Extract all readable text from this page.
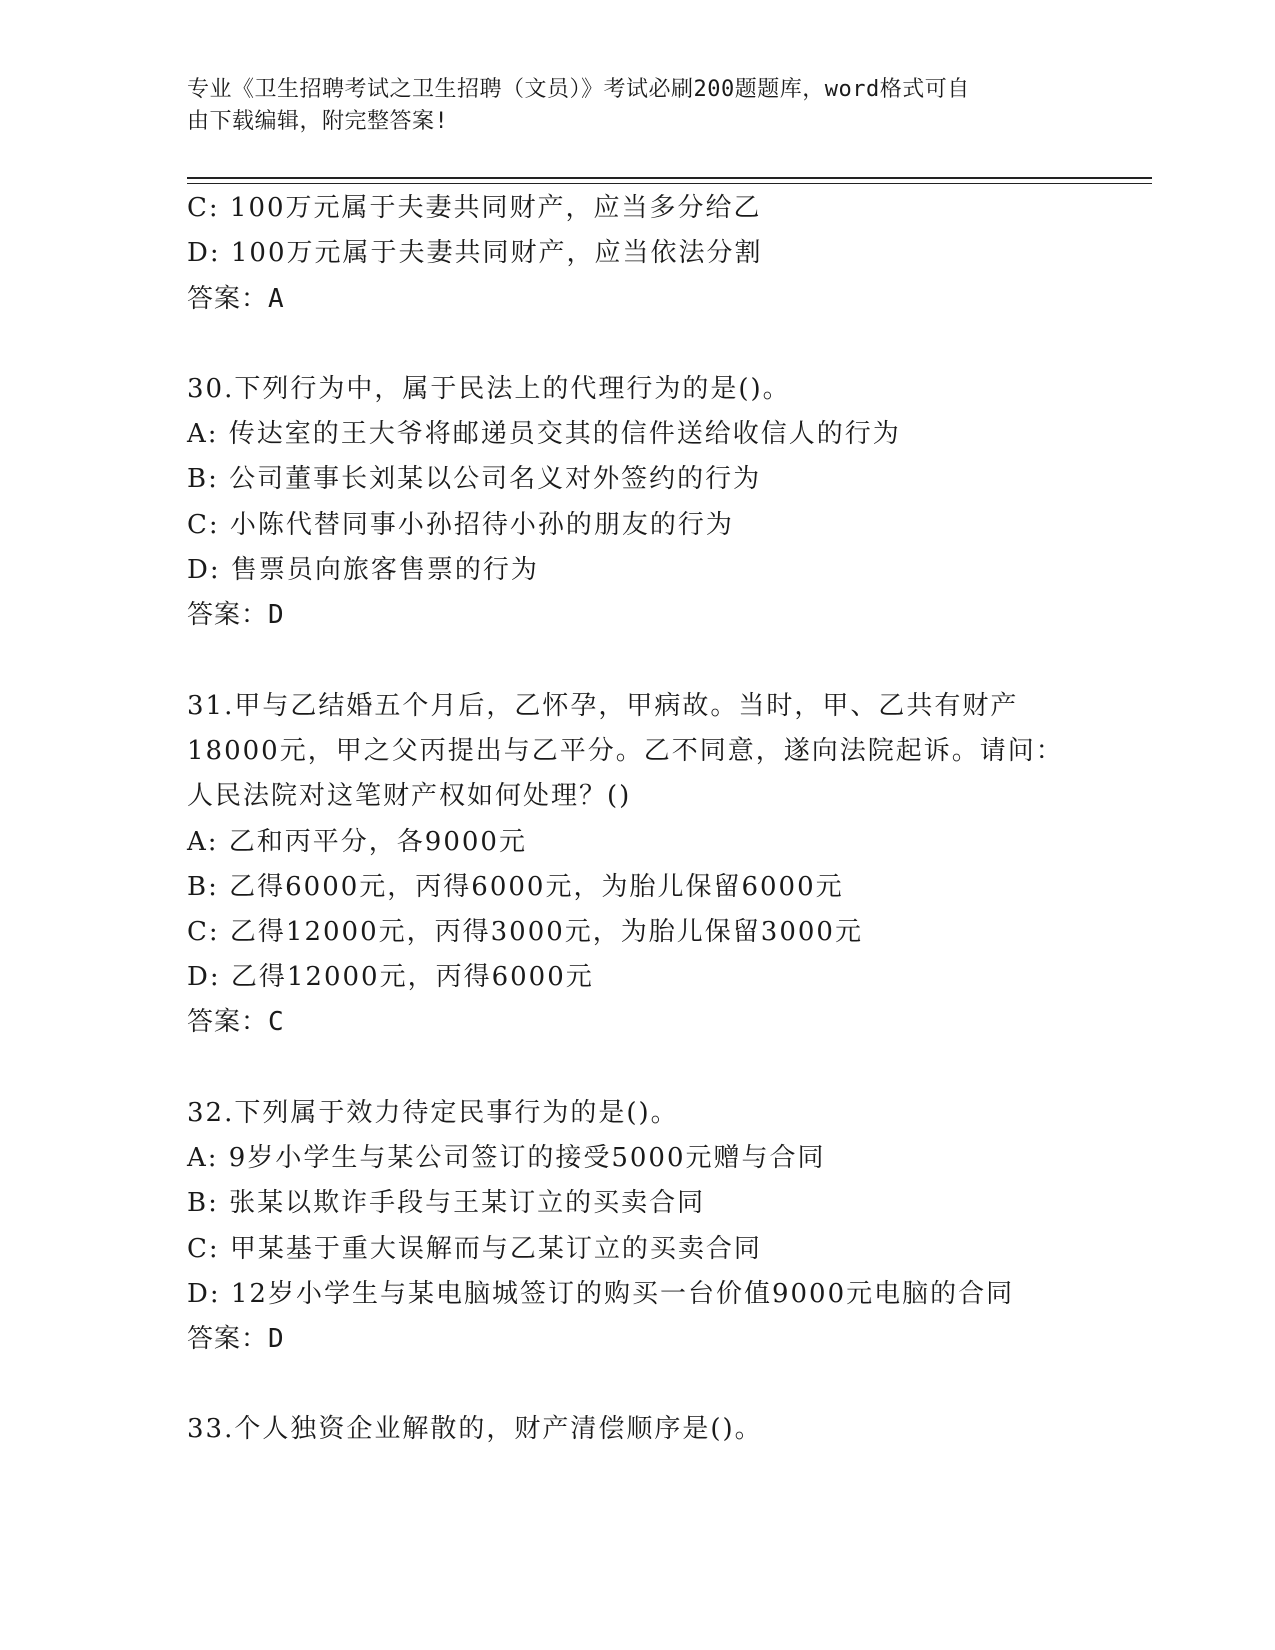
专业《卫生招聘考试之卫生招聘（文员）》考试必刷200题题库，word格式可自
由下载编辑，附完整答案!
C: 100万元属于夫妻共同财产，应当多分给乙
D: 100万元属于夫妻共同财产，应当依法分割
答案：A
30.下列行为中，属于民法上的代理行为的是()。
A: 传达室的王大爷将邮递员交其的信件送给收信人的行为
B: 公司董事长刘某以公司名义对外签约的行为
C: 小陈代替同事小孙招待小孙的朋友的行为
D: 售票员向旅客售票的行为
答案：D
31.甲与乙结婚五个月后，乙怀孕，甲病故。当时，甲、乙共有财产
18000元，甲之父丙提出与乙平分。乙不同意，遂向法院起诉。请问：
人民法院对这笔财产权如何处理？()
A: 乙和丙平分，各9000元
B: 乙得6000元，丙得6000元，为胎儿保留6000元
C: 乙得12000元，丙得3000元，为胎儿保留3000元
D: 乙得12000元，丙得6000元
答案：C
32.下列属于效力待定民事行为的是()。
A: 9岁小学生与某公司签订的接受5000元赠与合同
B: 张某以欺诈手段与王某订立的买卖合同
C: 甲某基于重大误解而与乙某订立的买卖合同
D: 12岁小学生与某电脑城签订的购买一台价值9000元电脑的合同
答案：D
33.个人独资企业解散的，财产清偿顺序是()。
